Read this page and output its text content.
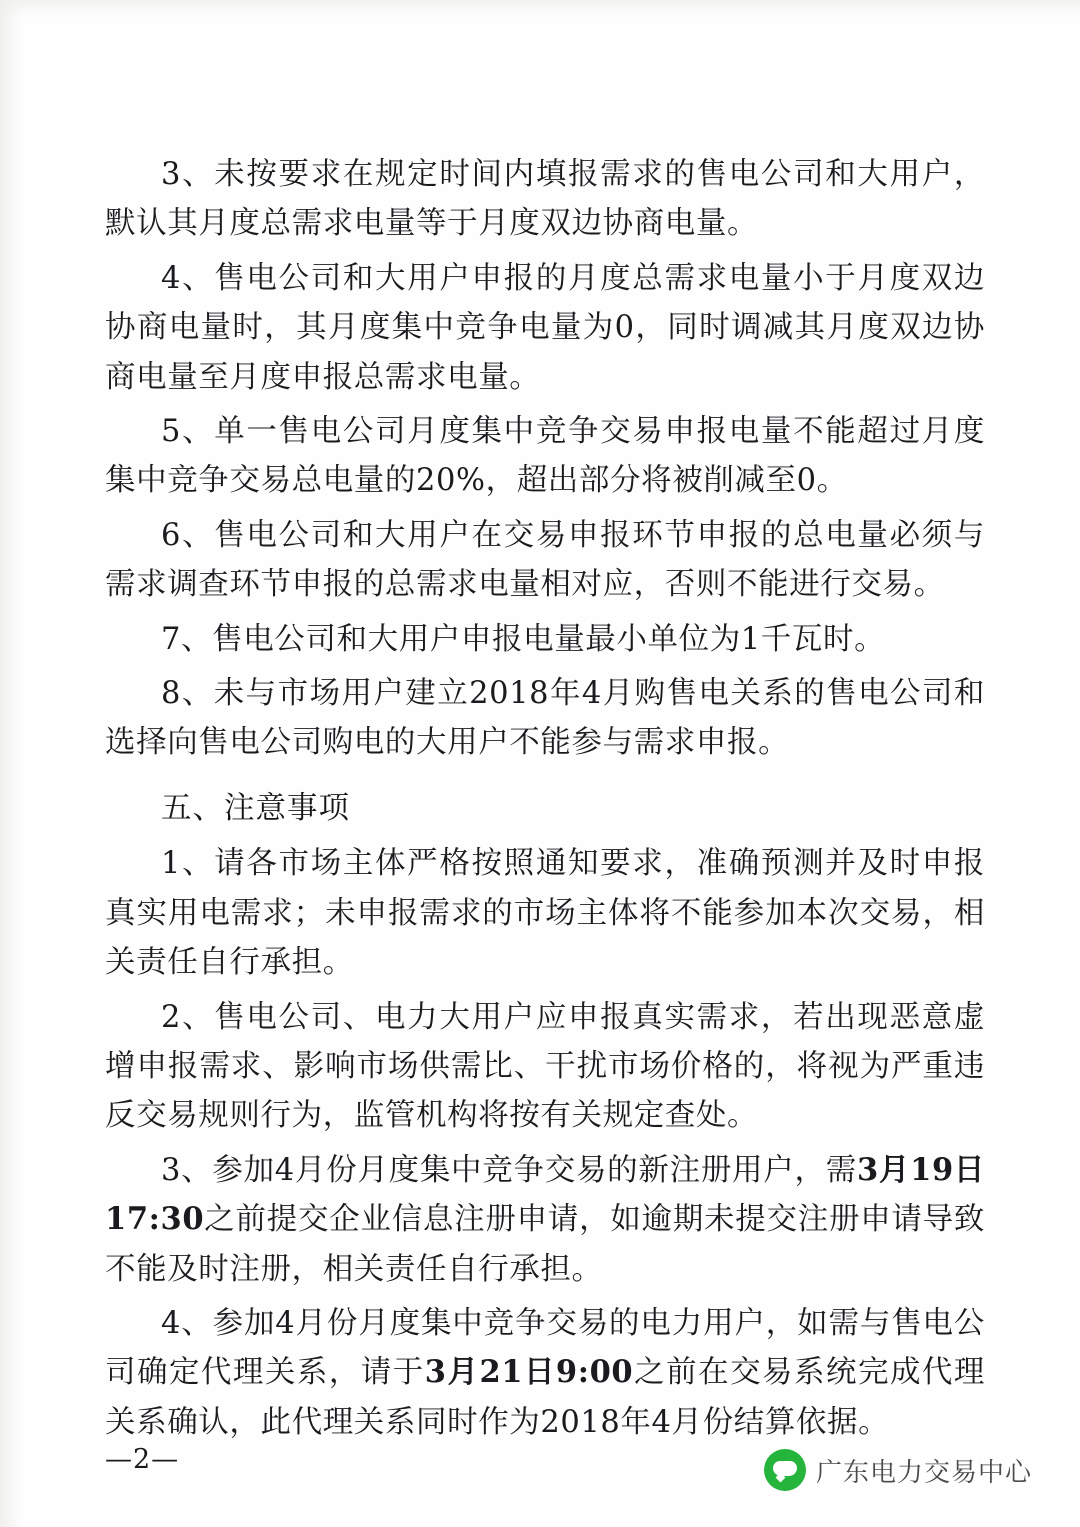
3、未按要求在规定时间内填报需求的售电公司和大用户，默认其月度总需求电量等于月度双边协商电量。

4、售电公司和大用户申报的月度总需求电量小于月度双边协商电量时，其月度集中竞争电量为0，同时调减其月度双边协商电量至月度申报总需求电量。

5、单一售电公司月度集中竞争交易申报电量不能超过月度集中竞争交易总电量的20%，超出部分将被削减至0。

6、售电公司和大用户在交易申报环节申报的总电量必须与需求调查环节申报的总需求电量相对应，否则不能进行交易。

7、售电公司和大用户申报电量最小单位为1千瓦时。

8、未与市场用户建立2018年4月购售电关系的售电公司和选择向售电公司购电的大用户不能参与需求申报。

五、注意事项

1、请各市场主体严格按照通知要求，准确预测并及时申报真实用电需求；未申报需求的市场主体将不能参加本次交易，相关责任自行承担。

2、售电公司、电力大用户应申报真实需求，若出现恶意虚增申报需求、影响市场供需比、干扰市场价格的，将视为严重违反交易规则行为，监管机构将按有关规定查处。

3、参加4月份月度集中竞争交易的新注册用户，需3月19日17:30之前提交企业信息注册申请，如逾期未提交注册申请导致不能及时注册，相关责任自行承担。

4、参加4月份月度集中竞争交易的电力用户，如需与售电公司确定代理关系，请于3月21日9:00之前在交易系统完成代理关系确认，此代理关系同时作为2018年4月份结算依据。

—2—	广东电力交易中心
